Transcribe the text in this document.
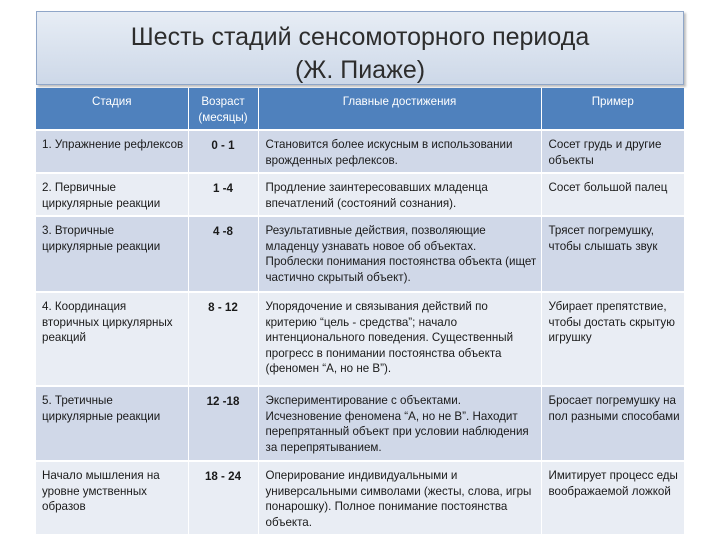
Шесть стадий сенсомоторного периода
(Ж. Пиаже)
Стадия	Возраст (месяцы)	Главные достижения	Пример
1. Упражнение рефлексов	0 - 1	Становится более искусным в использовании врожденных рефлексов.	Сосет грудь и другие объекты
2. Первичные циркулярные реакции	1 -4	Продление заинтересовавших младенца впечатлений (состояний сознания).	Сосет большой палец
3. Вторичные циркулярные реакции	4 -8	Результативные действия, позволяющие младенцу узнавать новое об объектах. Проблески понимания постоянства объекта (ищет частично скрытый объект).	Трясет погремушку, чтобы слышать звук
4. Координация вторичных циркулярных реакций	8 - 12	Упорядочение и связывания действий по критерию “цель - средства”; начало интенционального поведения. Существенный прогресс в понимании постоянства объекта (феномен “А, но не В”).	Убирает препятствие, чтобы достать скрытую игрушку
5. Третичные циркулярные реакции	12 -18	Экспериментирование с объектами. Исчезновение феномена “А, но не В”. Находит перепрятанный объект при условии наблюдения за перепрятыванием.	Бросает погремушку на пол разными способами
Начало мышления на уровне умственных образов	18 - 24	Оперирование индивидуальными и универсальными символами (жесты, слова, игры понарошку). Полное понимание постоянства объекта.	Имитирует процесс еды воображаемой ложкой
